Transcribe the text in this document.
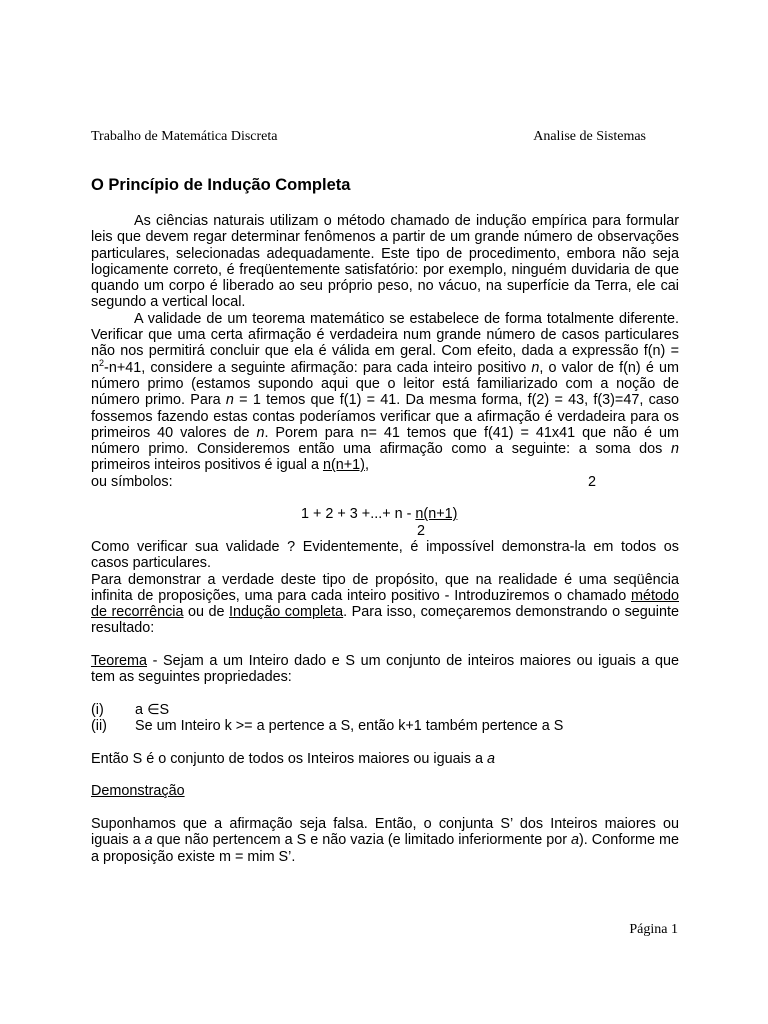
Trabalho de Matemática Discreta	Analise de Sistemas
O Princípio de Indução Completa

As ciências naturais utilizam o método chamado de indução empírica para formular leis que devem regar determinar fenômenos a partir de um grande número de observações particulares, selecionadas adequadamente. Este tipo de procedimento, embora não seja logicamente correto, é freqüentemente satisfatório: por exemplo, ninguém duvidaria de que quando um corpo é liberado ao seu próprio peso, no vácuo, na superfície da Terra, ele cai segundo a vertical local.

A validade de um teorema matemático se estabelece de forma totalmente diferente. Verificar que uma certa afirmação é verdadeira num grande número de casos particulares não nos permitirá concluir que ela é válida em geral. Com efeito, dada a expressão $f(n) = n^2-n+41$, considere a seguinte afirmação: para cada inteiro positivo n, o valor de f(n) é um número primo (estamos supondo aqui que o leitor está familiarizado com a noção de número primo. Para n = 1 temos que f(1) = 41. Da mesma forma, f(2) = 43, f(3)=47, caso fossemos fazendo estas contas poderíamos verificar que a afirmação é verdadeira para os primeiros 40 valores de n. Porem para n= 41 temos que f(41) = 41x41 que não é um número primo. Consideremos então uma afirmação como a seguinte: a soma dos n primeiros inteiros positivos é igual a n(n+1),

ou símbolos:	2

1 + 2 + 3 +...+ n - n(n+1)
2

Como verificar sua validade ? Evidentemente, é impossível demonstra-la em todos os casos particulares.

Para demonstrar a verdade deste tipo de propósito, que na realidade é uma seqüência infinita de proposições, uma para cada inteiro positivo - Introduziremos o chamado método de recorrência ou de Indução completa. Para isso, começaremos demonstrando o seguinte resultado:

Teorema - Sejam a um Inteiro dado e S um conjunto de inteiros maiores ou iguais a que tem as seguintes propriedades:

(i)	a ∈S
(ii)	Se um Inteiro k >= a pertence a S, então k+1 também pertence a S

Então S é o conjunto de todos os Inteiros maiores ou iguais a a

Demonstração

Suponhamos que a afirmação seja falsa. Então, o conjunta S’ dos Inteiros maiores ou iguais a a que não pertencem a S e não vazia (e limitado inferiormente por a). Conforme me a proposição existe m = mim S’.

Página 1
